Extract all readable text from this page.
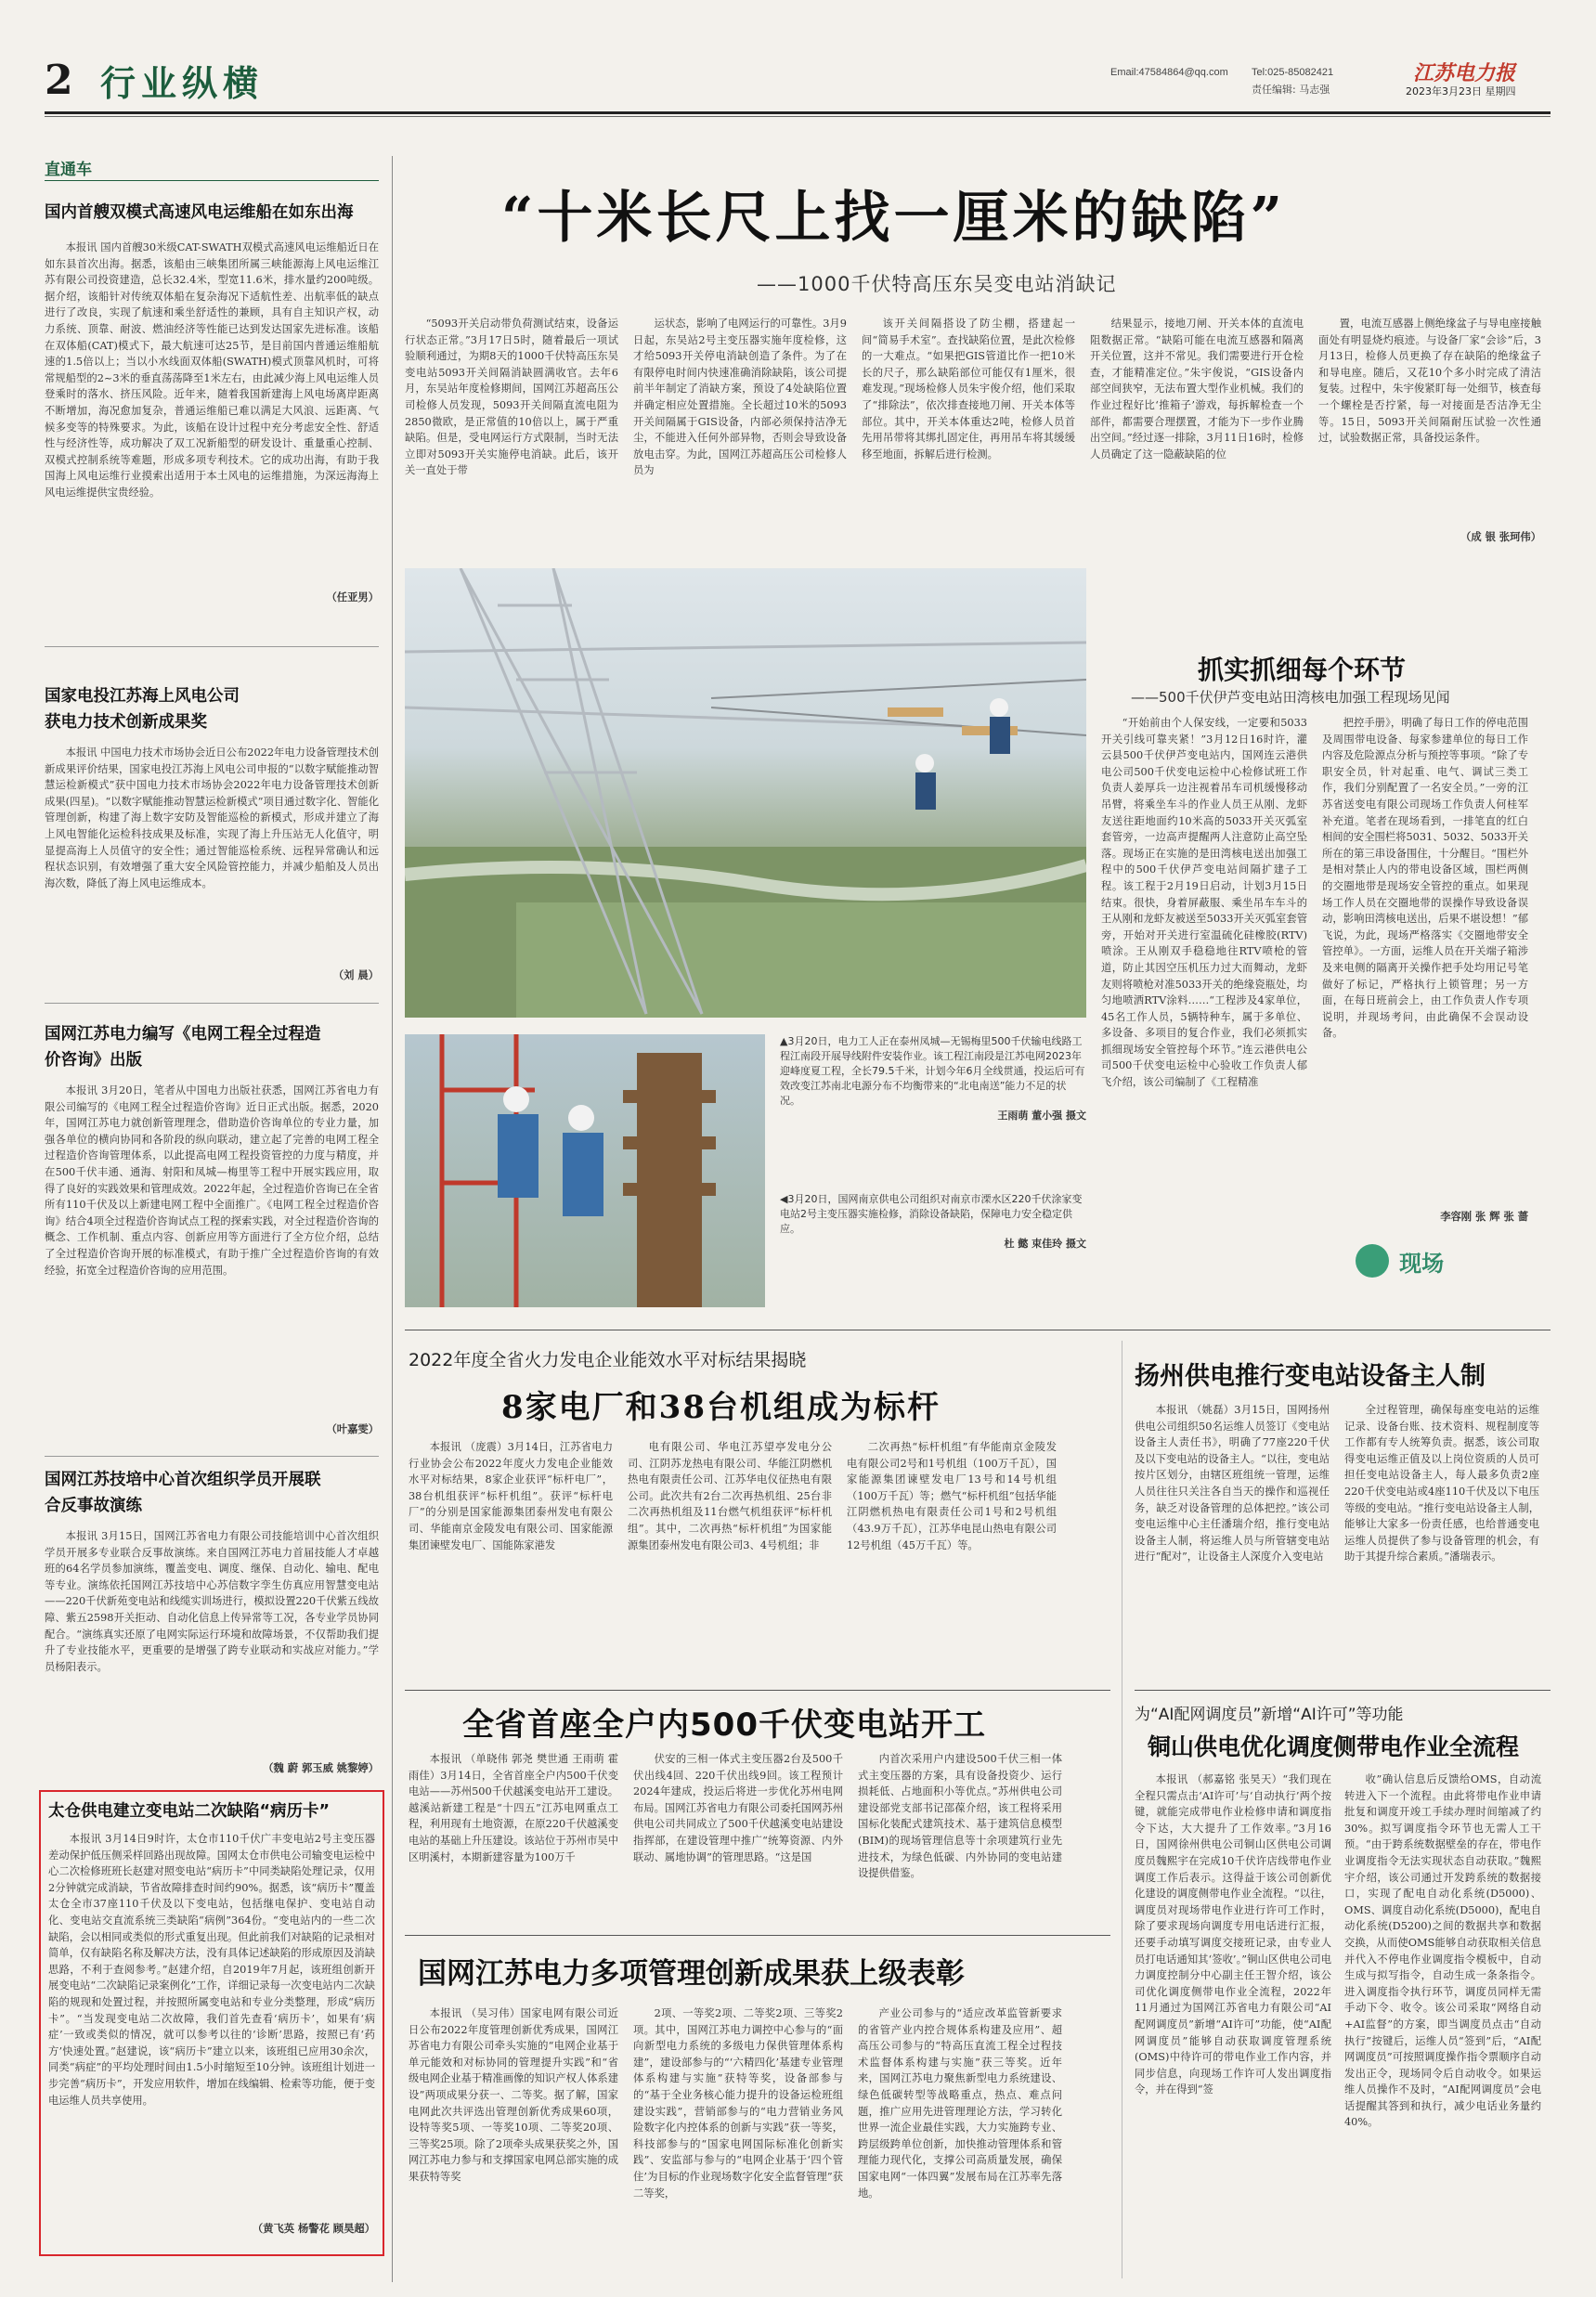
2 行业纵横	Email:47584864@qq.com Tel:025-85082421
责任编辑: 马志强
江苏电力报
2023年3月23日 星期四
直通车
国内首艘双模式高速风电运维船在如东出海

本报讯 国内首艘30米级CAT-SWATH双模式高速风电运维船近日在如东县首次出海。据悉，该船由三峡集团所属三峡能源海上风电运维江苏有限公司投资建造，总长32.4米，型宽11.6米，排水量约200吨级。据介绍，该船针对传统双体船在复杂海况下适航性差、出航率低的缺点进行了改良，实现了航速和乘坐舒适性的兼顾，具有自主知识产权，动力系统、顶靠、耐波、燃油经济等性能已达到发达国家先进标准。该船在双体船(CAT)模式下，最大航速可达25节，是目前国内普通运维船航速的1.5倍以上；当以小水线面双体船(SWATH)模式顶靠风机时，可将常规船型的2~3米的垂直荡荡降至1米左右，由此减少海上风电运维人员登乘时的落水、挤压风险。近年来，随着我国新建海上风电场离岸距离不断增加，海况愈加复杂，普通运维船已难以满足大风浪、远距离、气候多变等的特殊要求。为此，该船在设计过程中充分考虑安全性、舒适性与经济性等，成功解决了双工况新船型的研发设计、重量重心控制、双模式控制系统等难题，形成多项专利技术。它的成功出海，有助于我国海上风电运维行业摸索出适用于本土风电的运维措施，为深远海海上风电运维提供宝贵经验。

（任亚男）
国家电投江苏海上风电公司获电力技术创新成果奖

本报讯 中国电力技术市场协会近日公布2022年电力设备管理技术创新成果评价结果，国家电投江苏海上风电公司申报的“以数字赋能推动智慧运检新模式”获中国电力技术市场协会2022年电力设备管理技术创新成果(四星)。“以数字赋能推动智慧运检新模式”项目通过数字化、智能化管理创新，构建了海上数字安防及智能巡检的新模式，形成并建立了海上风电智能化运检科技成果及标准，实现了海上升压站无人化值守，明显提高海上人员值守的安全性；通过智能巡检系统、远程异常确认和远程状态识别，有效增强了重大安全风险管控能力，并减少船舶及人员出海次数，降低了海上风电运维成本。

（刘 晨）
国网江苏电力编写《电网工程全过程造价咨询》出版

本报讯 3月20日，笔者从中国电力出版社获悉，国网江苏省电力有限公司编写的《电网工程全过程造价咨询》近日正式出版。据悉，2020年，国网江苏电力就创新管理理念，借助造价咨询单位的专业力量，加强各单位的横向协同和各阶段的纵向联动，建立起了完善的电网工程全过程造价咨询管理体系，以此提高电网工程投资管控的力度与精度，并在500千伏丰通、通海、射阳和凤城—梅里等工程中开展实践应用，取得了良好的实践效果和管理成效。2022年起，全过程造价咨询已在全省所有110千伏及以上新建电网工程中全面推广。《电网工程全过程造价咨询》结合4项全过程造价咨询试点工程的探索实践，对全过程造价咨询的概念、工作机制、重点内容、创新应用等方面进行了全方位介绍，总结了全过程造价咨询开展的标准模式，有助于推广全过程造价咨询的有效经验，拓宽全过程造价咨询的应用范围。

（叶嘉雯）
国网江苏技培中心首次组织学员开展联合反事故演练

本报讯 3月15日，国网江苏省电力有限公司技能培训中心首次组织学员开展多专业联合反事故演练。来自国网江苏电力首届技能人才卓越班的64名学员参加演练，覆盖变电、调度、继保、自动化、输电、配电等专业。演练依托国网江苏技培中心苏信数字孪生仿真应用智慧变电站——220千伏新苑变电站和线缆实训场进行，模拟设置220千伏紫五线故障、紫五2598开关拒动、自动化信息上传异常等工况，各专业学员协同配合。“演练真实还原了电网实际运行环境和故障场景，不仅帮助我们提升了专业技能水平，更重要的是增强了跨专业联动和实战应对能力。”学员杨阳表示。

（魏 蔚 郭玉威 姚黎婷）
太仓供电建立变电站二次缺陷“病历卡”

本报讯 3月14日9时许，太仓市110千伏广丰变电站2号主变压器差动保护低压侧采样回路出现故障。国网太仓市供电公司输变电运检中心二次检修班班长赵建对照变电站“病历卡”中同类缺陷处理记录，仅用2分钟就完成消缺，节省故障排查时间约90%。据悉，该“病历卡”覆盖太仓全市37座110千伏及以下变电站，包括继电保护、变电站自动化、变电站交直流系统三类缺陷“病例”364份。“变电站内的一些二次缺陷，会以相同或类似的形式重复出现。但此前我们对缺陷的记录相对简单，仅有缺陷名称及解决方法，没有具体记述缺陷的形成原因及消缺思路，不利于查阅参考。”赵建介绍，自2019年7月起，该班组创新开展变电站“二次缺陷记录案例化”工作，详细记录每一次变电站内二次缺陷的规现和处置过程，并按照所属变电站和专业分类整理，形成“病历卡”。“当发现变电站二次故障，我们首先查看‘病历卡’，如果有‘病症’一致或类似的情况，就可以参考以往的‘诊断’思路，按照已有‘药方’快速处置。”赵建说，该“病历卡”建立以来，该班组已应用30余次，同类“病症”的平均处理时间由1.5小时缩短至10分钟。该班组计划进一步完善“病历卡”，开发应用软件，增加在线编辑、检索等功能，便于变电运维人员共享使用。

（黄飞英 杨警花 顾昊超）
“十米长尺上找一厘米的缺陷”
——1000千伏特高压东吴变电站消缺记

“5093开关启动带负荷测试结束，设备运行状态正常。”3月17日5时，随着最后一项试验顺利通过，为期8天的1000千伏特高压东吴变电站5093开关间隔消缺圆满收官。去年6月，东吴站年度检修期间，国网江苏超高压公司检修人员发现，5093开关间隔直流电阻为2850微欧，是正常值的10倍以上，属于严重缺陷。但是，受电网运行方式限制，当时无法立即对5093开关实施停电消缺。此后，该开关一直处于带

运状态，影响了电网运行的可靠性。3月9日起，东吴站2号主变压器实施年度检修，这才给5093开关停电消缺创造了条件。为了在有限停电时间内快速准确消除缺陷，该公司提前半年制定了消缺方案，预设了4处缺陷位置并确定相应处置措施。全长超过10米的5093开关间隔属于GIS设备，内部必须保持洁净无尘，不能进入任何外部异物，否则会导致设备放电击穿。为此，国网江苏超高压公司检修人员为

该开关间隔搭设了防尘棚，搭建起一间“简易手术室”。查找缺陷位置，是此次检修的一大难点。“如果把GIS管道比作一把10米长的尺子，那么缺陷部位可能仅有1厘米，很难发现。”现场检修人员朱宇俊介绍，他们采取了“排除法”，依次排查接地刀闸、开关本体等部位。其中，开关本体重达2吨，检修人员首先用吊带将其绑扎固定住，再用吊车将其缓缓移至地面，拆解后进行检测。

结果显示，接地刀闸、开关本体的直流电阻数据正常。“缺陷可能在电流互感器和隔离开关位置，这并不常见。我们需要进行开仓检查，才能精准定位。”朱宇俊说，“GIS设备内部空间狭窄，无法布置大型作业机械。我们的作业过程好比‘推箱子’游戏，每拆解检查一个部件，都需要合理摆置，才能为下一步作业腾出空间。”经过逐一排除，3月11日16时，检修人员确定了这一隐蔽缺陷的位

置，电流互感器上侧绝缘盆子与导电座接触面处有明显烧灼痕迹。与设备厂家“会诊”后，3月13日，检修人员更换了存在缺陷的绝缘盆子和导电座。随后，又花10个多小时完成了清洁复装。过程中，朱宇俊紧盯每一处细节，核查每一个螺栓是否拧紧，每一对接面是否洁净无尘等。15日，5093开关间隔耐压试验一次性通过，试验数据正常，具备投运条件。

（成 银 张珂伟）
▲3月20日，电力工人正在泰州凤城—无锡梅里500千伏输电线路工程江南段开展导线附件安装作业。该工程江南段是江苏电网2023年迎峰度夏工程，全长79.5千米，计划今年6月全线贯通，投运后可有效改变江苏南北电源分布不均衡带来的“北电南送”能力不足的状况。
王雨萌 董小强 摄文
◀3月20日，国网南京供电公司组织对南京市溧水区220千伏涂家变电站2号主变压器实施检修，消除设备缺陷，保障电力安全稳定供应。
杜 懿 束佳玲 摄文
抓实抓细每个环节
——500千伏伊芦变电站田湾核电加强工程现场见闻

“开始前由个人保安线，一定要和5033开关引线可靠夹紧！”3月12日16时许，灌云县500千伏伊芦变电站内，国网连云港供电公司500千伏变电运检中心检修试班工作负责人姜厚兵一边注视着吊车司机缓慢移动吊臂，将乘坐车斗的作业人员王从刚、龙虾友送往距地面约10米高的5033开关灭弧室套管旁，一边高声提醒两人注意防止高空坠落。现场正在实施的是田湾核电送出加强工程中的500千伏伊芦变电站间隔扩建子工程。该工程于2月19日启动，计划3月15日结束。很快，身着屏蔽服、乘坐吊车车斗的王从刚和龙虾友被送至5033开关灭弧室套管旁，开始对开关进行室温硫化硅橡胶(RTV)喷涂。王从刚双手稳稳地往RTV喷枪的管道，防止其因空压机压力过大而舞动，龙虾友则将喷枪对准5033开关的绝缘瓷瓶处，均匀地喷洒RTV涂料……“工程涉及4家单位，45名工作人员，5辆特种车，属于多单位、多设备、多项目的复合作业，我们必须抓实抓细现场安全管控每个环节。”连云港供电公司500千伏变电运检中心验收工作负责人郁飞介绍，该公司编制了《工程精准

把控手册》，明确了每日工作的停电范围及周围带电设备、每家参建单位的每日工作内容及危险源点分析与预控等事项。“除了专职安全员，针对起重、电气、调试三类工作，我们分别配置了一名安全员。”一旁的江苏省送变电有限公司现场工作负责人何桂军补充道。笔者在现场看到，一排笔直的红白相间的安全围栏将5031、5032、5033开关所在的第三串设备围住，十分醒目。“围栏外是相对禁止人内的带电设备区域，围栏两侧的交圈地带是现场安全管控的重点。如果现场工作人员在交圈地带的误操作导致设备误动，影响田湾核电送出，后果不堪设想！”郁飞说，为此，现场严格落实《交圈地带安全管控单》。一方面，运维人员在开关端子箱涉及来电侧的隔离开关操作把手处均用记号笔做好了标记，严格执行上锁管理；另一方面，在每日班前会上，由工作负责人作专项说明，并现场考问，由此确保不会误动设备。

李容刚 张 辉 张 蔷
现场
2022年度全省火力发电企业能效水平对标结果揭晓
8家电厂和38台机组成为标杆

本报讯 （庞震）3月14日，江苏省电力行业协会公布2022年度火力发电企业能效水平对标结果，8家企业获评“标杆电厂”，38台机组获评“标杆机组”。获评“标杆电厂”的分别是国家能源集团泰州发电有限公司、华能南京金陵发电有限公司、国家能源集团谏壁发电厂、国能陈家港发

电有限公司、华电江苏望亭发电分公司、江阴苏龙热电有限公司、华能江阴燃机热电有限责任公司、江苏华电仪征热电有限公司。此次共有2台二次再热机组、25台非二次再热机组及11台燃气机组获评“标杆机组”。其中，二次再热“标杆机组”为国家能源集团泰州发电有限公司3、4号机组；非

二次再热“标杆机组”有华能南京金陵发电有限公司2号和1号机组（100万千瓦），国家能源集团谏壁发电厂13号和14号机组（100万千瓦）等；燃气“标杆机组”包括华能江阴燃机热电有限责任公司1号和2号机组（43.9万千瓦），江苏华电昆山热电有限公司12号机组（45万千瓦）等。

扬州供电推行变电站设备主人制

本报讯 （姚磊）3月15日，国网扬州供电公司组织50名运维人员签订《变电站设备主人责任书》，明确了77座220千伏及以下变电站的设备主人。“以往，变电站按片区划分，由辖区班组统一管理，运维人员往往只关注各自当天的操作和巡视任务，缺乏对设备管理的总体把控。”该公司变电运维中心主任潘瑞介绍，推行变电站设备主人制，将运维人员与所管辖变电站进行“配对”，让设备主人深度介入变电站

全过程管理，确保每座变电站的运维记录、设备台账、技术资料、规程制度等工作都有专人统筹负责。据悉，该公司取得变电运维正值及以上岗位资质的人员可担任变电站设备主人，每人最多负责2座220千伏变电站或4座110千伏及以下电压等级的变电站。“推行变电站设备主人制，能够让大家多一份责任感，也给普通变电运维人员提供了参与设备管理的机会，有助于其提升综合素质。”潘瑞表示。

全省首座全户内500千伏变电站开工

本报讯 （单晓伟 郭尧 樊世通 王雨萌 霍雨佳）3月14日，全省首座全户内500千伏变电站——苏州500千伏越溪变电站开工建设。越溪站新建工程是“十四五”江苏电网重点工程，利用现有土地资源，在原220千伏越溪变电站的基础上升压建设。该站位于苏州市吴中区明溪村，本期新建容量为100万千

伏安的三相一体式主变压器2台及500千伏出线4回、220千伏出线9回。该工程预计2024年建成，投运后将进一步优化苏州电网布局。国网江苏省电力有限公司委托国网苏州供电公司共同成立了500千伏越溪变电站建设指挥部，在建设管理中推广“统筹资源、内外联动、属地协调”的管理思路。“这是国

内首次采用户内建设500千伏三相一体式主变压器的方案，具有设备投资少、运行损耗低、占地面积小等优点。”苏州供电公司建设部党支部书记邵葆介绍，该工程将采用国标化装配式建筑技术、基于建筑信息模型(BIM)的现场管理信息等十余项建筑行业先进技术，为绿色低碳、内外协同的变电站建设提供借鉴。

为“AI配网调度员”新增“AI许可”等功能
铜山供电优化调度侧带电作业全流程

本报讯 （郝嘉铭 张昊天）“我们现在全程只需点击‘AI许可’与‘自动执行’两个按键，就能完成带电作业检修申请和调度指令下达，大大提升了工作效率。”3月16日，国网徐州供电公司铜山区供电公司调度员魏熙宇在完成10千伏许店线带电作业调度工作后表示。这得益于该公司创新优化建设的调度侧带电作业全流程。“以往，调度员对现场带电作业进行许可工作时，除了要求现场向调度专用电话进行汇报，还要手动填写调度交接班记录，由专业人员打电话通知其‘签收’。”铜山区供电公司电力调度控制分中心副主任王智介绍，该公司优化调度侧带电作业全流程，2022年11月通过为国网江苏省电力有限公司“AI配网调度员”新增“AI许可”功能，使“AI配网调度员”能够自动获取调度管理系统(OMS)中待许可的带电作业工作内容，并同步信息，向现场工作许可人发出调度指令，并在得到“签

收”确认信息后反馈给OMS，自动流转进入下一个流程。由此将带电作业申请批复和调度开竣工手续办理时间缩减了约30%。拟写调度指令环节也无需人工干预。“由于跨系统数据壁垒的存在，带电作业调度指令无法实现状态自动获取。”魏熙宇介绍，该公司通过开发跨系统的数据接口，实现了配电自动化系统(D5000)、OMS、调度自动化系统(D5000)，配电自动化系统(D5200)之间的数据共享和数据交换，从而使OMS能够自动获取相关信息并代入不停电作业调度指令模板中，自动生成与拟写指令，自动生成一条条指令。进入调度指令执行环节，调度员同样无需手动下令、收令。该公司采取“网络自动+AI监督”的方案，即当调度员点击“自动执行”按键后，运维人员“签到”后，“AI配网调度员”可按照调度操作指令票顺序自动发出正令，现场同令后自动收令。如果运维人员操作不及时，“AI配网调度员”会电话提醒其答到和执行，减少电话业务量约40%。

国网江苏电力多项管理创新成果获上级表彰

本报讯 （吴习伟）国家电网有限公司近日公布2022年度管理创新优秀成果，国网江苏省电力有限公司牵头实施的“电网企业基于单元能效和对标协同的管理提升实践”和“省级电网企业基于精准画像的知识产权人体系建设”两项成果分获一、二等奖。据了解，国家电网此次共评选出管理创新优秀成果60项，设特等奖5项、一等奖10项、二等奖20项、三等奖25项。除了2项牵头成果获奖之外，国网江苏电力参与和支撑国家电网总部实施的成果获特等奖

2项、一等奖2项、二等奖2项、三等奖2项。其中，国网江苏电力调控中心参与的“面向新型电力系统的多级电力保供管理体系构建”，建设部参与的“‘六精四化’基建专业管理体系构建与实施”获特等奖，设备部参与的“基于全业务核心能力提升的设备运检班组建设实践”，营销部参与的“电力营销业务风险数字化内控体系的创新与实践”获一等奖，科技部参与的“国家电网国际标准化创新实践”、安监部与参与的“电网企业基于‘四个管住’为目标的作业现场数字化安全监督管理”获二等奖，

产业公司参与的“适应改革监管新要求的省管产业内控合规体系构建及应用”、超高压公司参与的“特高压直流工程全过程技术监督体系构建与实施”获三等奖。近年来，国网江苏电力聚焦新型电力系统建设、绿色低碳转型等战略重点，热点、难点问题，推广应用先进管理理论方法，学习转化世界一流企业最佳实践，大力实施跨专业、跨层级跨单位创新，加快推动管理体系和管理能力现代化，支撑公司高质量发展，确保国家电网“一体四翼”发展布局在江苏率先落地。
